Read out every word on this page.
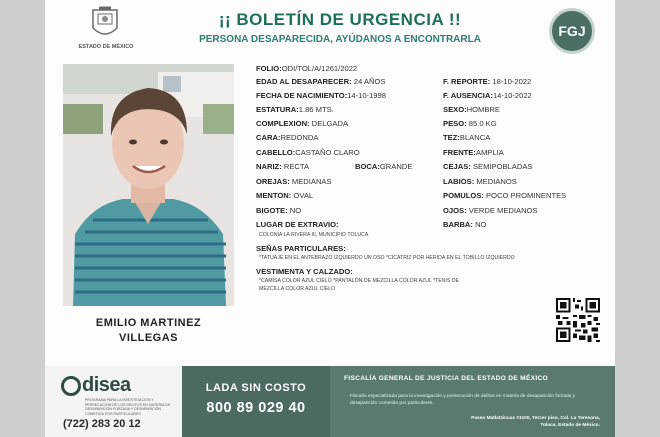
ESTADO DE MÉXICO
¡¡ BOLETÍN DE URGENCIA !!
PERSONA DESAPARECIDA, AYÚDANOS A ENCONTRARLA
FGJ
EMILIO MARTINEZ
VILLEGAS
FOLIO:ODI/TOL/A/1261/2022
EDAD AL DESAPARECER: 24 AÑOS	F. REPORTE: 18-10-2022
FECHA DE NACIMIENTO:14-10-1998	F. AUSENCIA:14-10-2022
ESTATURA:1.86 MTS.	SEXO:HOMBRE
COMPLEXION: DELGADA	PESO: 85.0 KG
CARA:REDONDA	TEZ:BLANCA
CABELLO:CASTAÑO CLARO	FRENTE:AMPLIA
NARIZ: RECTA	BOCA:GRANDE	CEJAS: SEMIPOBLADAS
OREJAS: MEDIANAS	LABIOS: MEDIANOS
MENTON: OVAL	POMULOS: POCO PROMINENTES
BIGOTE: NO	OJOS: VERDE MEDIANOS
LUGAR DE EXTRAVIO:	BARBA: NO
COLONIA LA RIVERA III, MUNICIPIO TOLUCA
SEÑAS PARTICULARES:
*TATUAJE EN EL ANTEBRAZO IZQUIERDO UN OSO *CICATRIZ POR HERIDA EN EL TOBILLO IZQUIERDO
VESTIMENTA Y CALZADO:
*CAMISA COLOR AZUL CIELO *PANTALÓN DE MEZCILLA COLOR AZUL *TENIS DE
MEZCILLA COLOR AZUL CIELO
disea
PROGRAMA PARA LA INVESTIGACIÓN Y PERSECUCIÓN DE LOS DELITOS EN MATERIA DE DESAPARICIÓN FORZADA Y DESAPARICIÓN COMETIDA POR PARTICULARES
(722) 283 20 12
LADA SIN COSTO
800 89 029 40
FISCALÍA GENERAL DE JUSTICIA DEL ESTADO DE MÉXICO
Fiscalía especializada para la investigación y persecución de delitos en materia de desaparición forzada y desaparición cometida por particulares.
Paseo Matlatzincas #1100, Tercer piso, Col. La Teresona,
Toluca, Estado de México.
